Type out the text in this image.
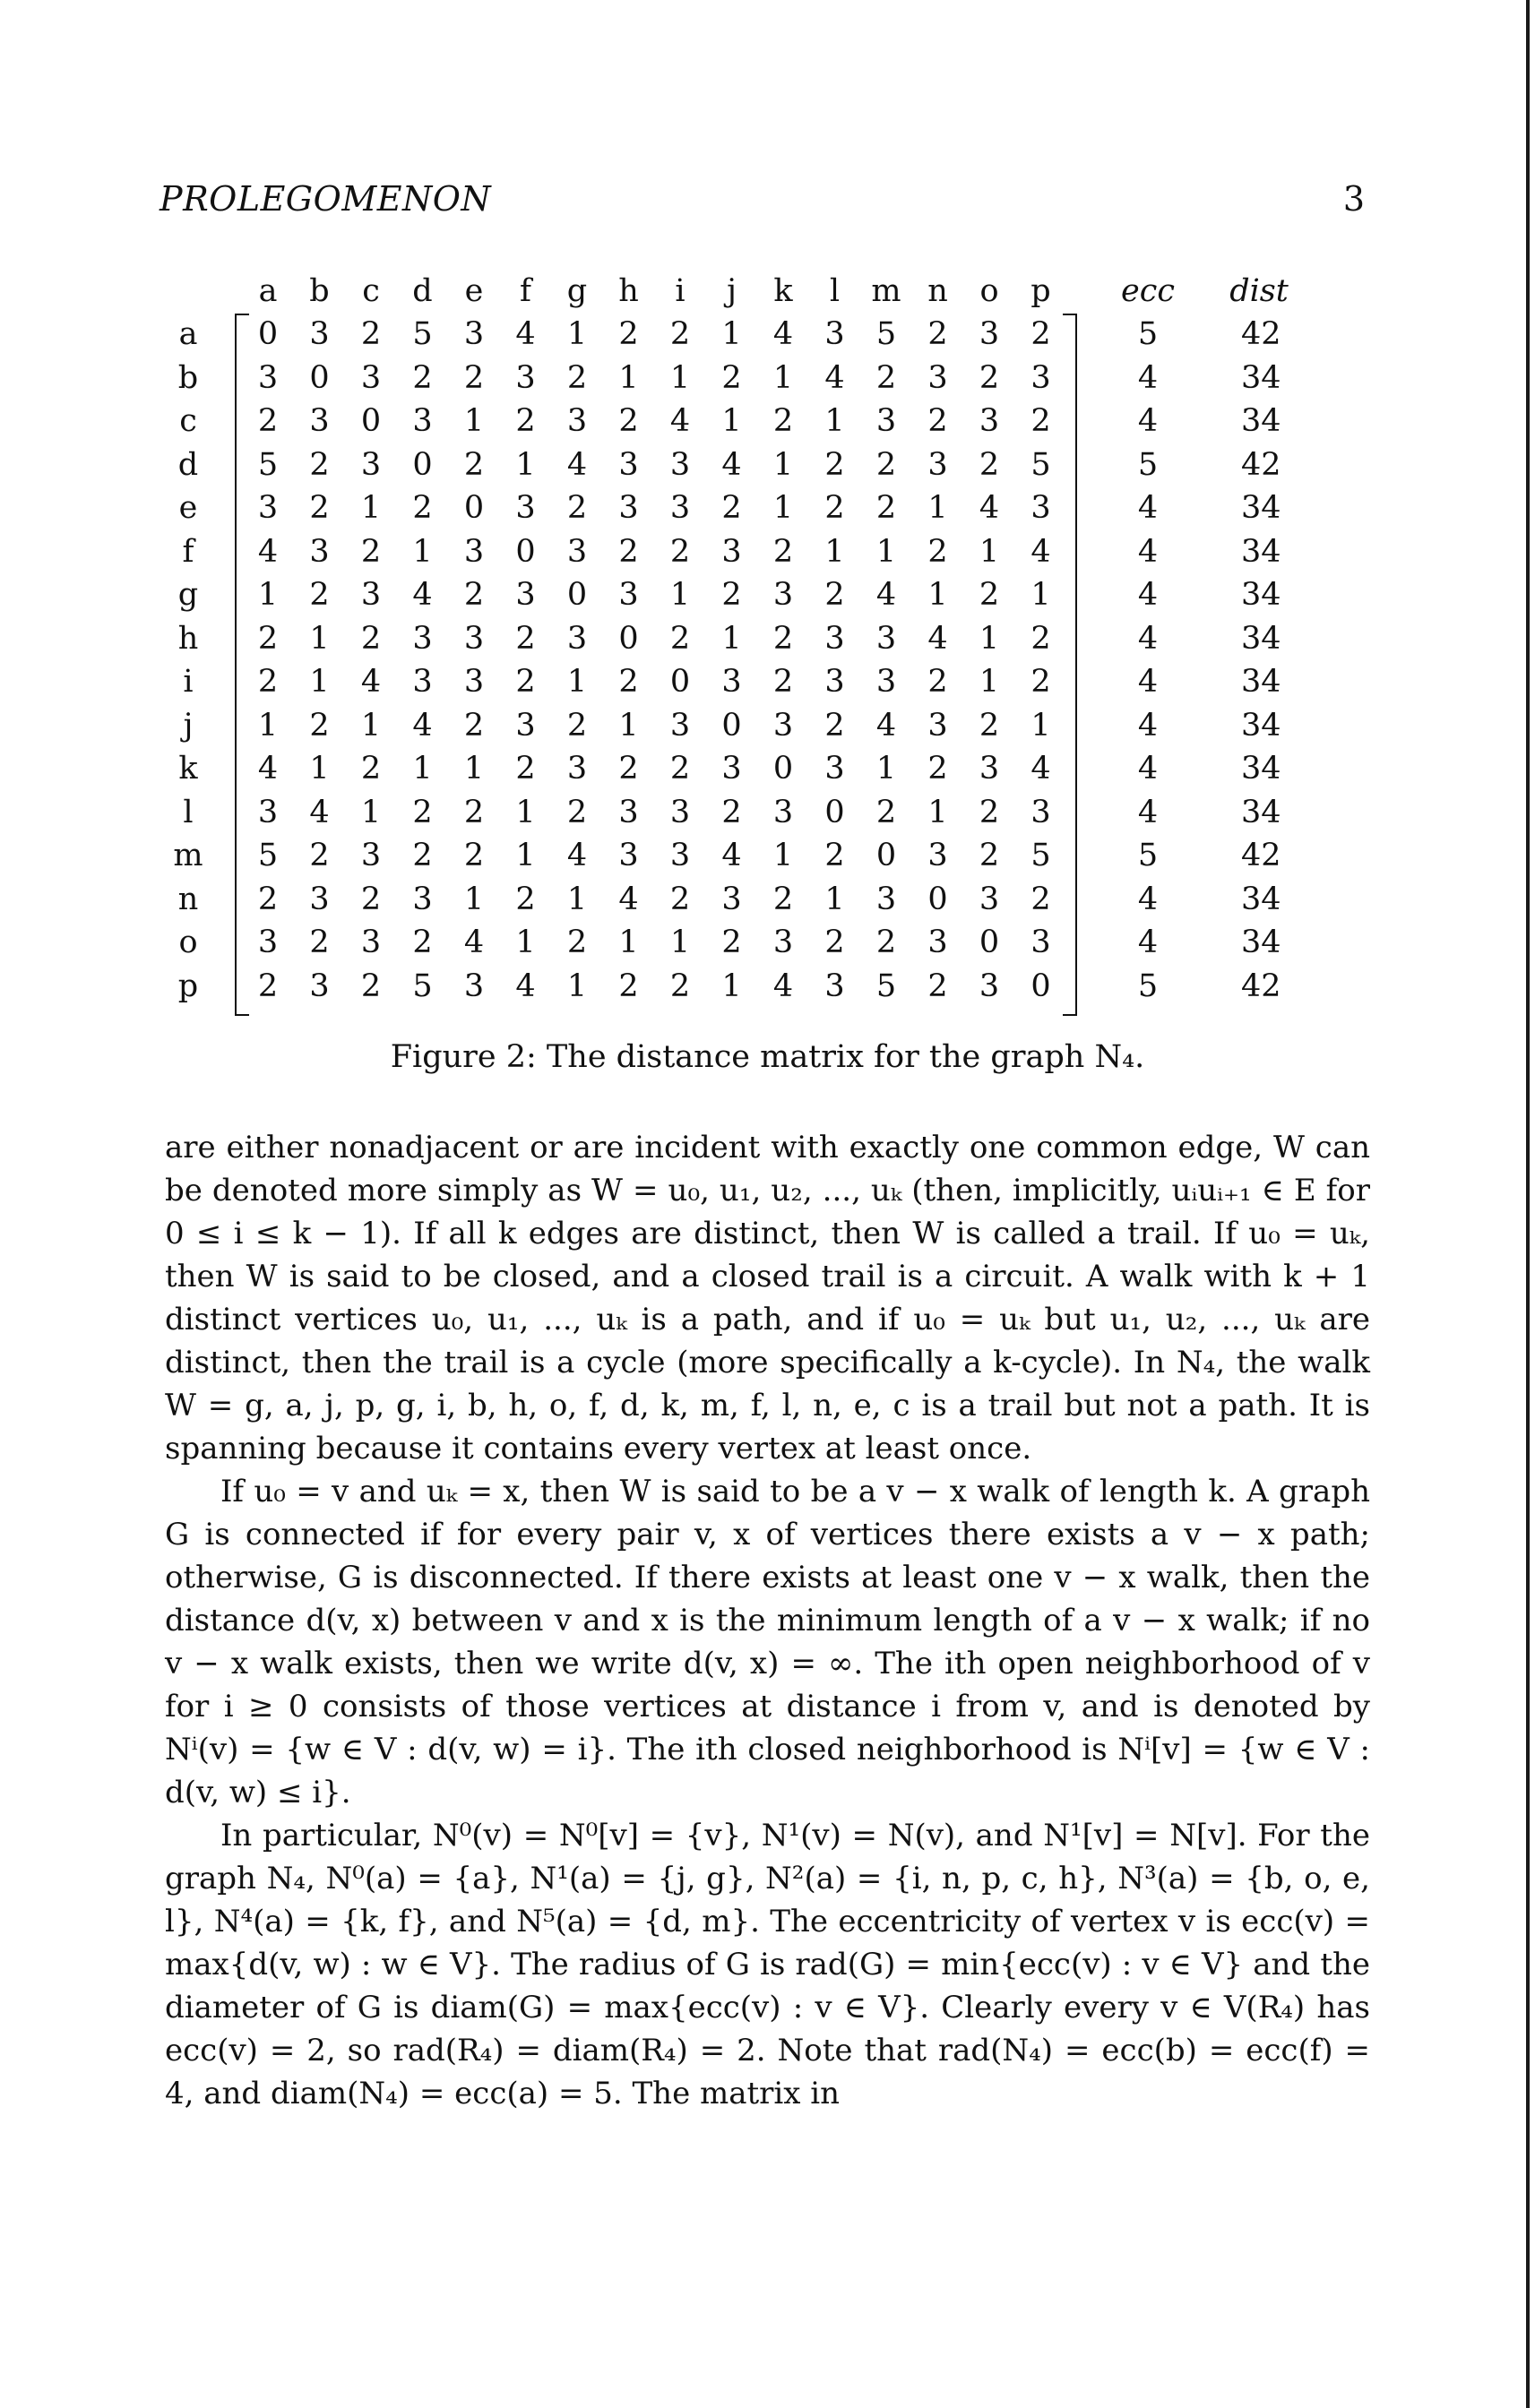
PROLEGOMENON	3
a b c d e	f	g h	i	j	k	l	m n o p	ecc	dist
a 0 3 2 5 3 4 1 2 2 1 4 3 5 2 3 2	5	42
b 3 0 3 2 2 3 2 1 1 2 1 4 2 3 2 3	4	34
c 2 3 0 3 1 2 3 2 4 1 2 1 3 2 3 2	4	34
d 5 2 3 0 2 1 4 3 3 4 1 2 2 3 2 5	5	42
e 3 2 1 2 0 3 2 3 3 2 1 2 2 1 4 3	4	34
f	4 3 2 1 3 0 3 2 2 3 2 1 1 2 1 4	4	34
g 1 2 3 4 2 3 0 3 1 2 3 2 4 1 2 1	4	34
h 2 1 2 3 3 2 3 0 2 1 2 3 3 4 1 2	4	34
i	2 1 4 3 3 2 1 2 0 3 2 3 3 2 1 2	4	34
j	1 2 1 4 2 3 2 1 3 0 3 2 4 3 2 1	4	34
k 4 1 2 1 1 2 3 2 2 3 0 3 1 2 3 4	4	34
l	3 4 1 2 2 1 2 3 3 2 3 0 2 1 2 3	4	34
m 5 2 3 2 2 1 4 3 3 4 1 2 0 3 2 5	5	42
n 2 3 2 3 1 2 1 4 2 3 2 1 3 0 3 2	4	34
o 3 2 3 2 4 1 2 1 1 2 3 2 2 3 0 3	4	34
p 2 3 2 5 3 4 1 2 2 1 4 3 5 2 3 0	5	42
Figure 2: The distance matrix for the graph N₄.

are either nonadjacent or are incident with exactly one common edge, W can be denoted more simply as W = u₀, u₁, u₂, ..., uₖ (then, implicitly, uᵢuᵢ₊₁ ∈ E for 0 ≤ i ≤ k − 1). If all k edges are distinct, then W is called a trail. If u₀ = uₖ, then W is said to be closed, and a closed trail is a circuit. A walk with k + 1 distinct vertices u₀, u₁, ..., uₖ is a path, and if u₀ = uₖ but u₁, u₂, ..., uₖ are distinct, then the trail is a cycle (more specifically a k-cycle). In N₄, the walk W = g, a, j, p, g, i, b, h, o, f, d, k, m, f, l, n, e, c is a trail but not a path. It is spanning because it contains every vertex at least once.

If u₀ = v and uₖ = x, then W is said to be a v − x walk of length k. A graph G is connected if for every pair v, x of vertices there exists a v − x path; otherwise, G is disconnected. If there exists at least one v − x walk, then the distance d(v, x) between v and x is the minimum length of a v − x walk; if no v − x walk exists, then we write d(v, x) = ∞. The ith open neighborhood of v for i ≥ 0 consists of those vertices at distance i from v, and is denoted by Nⁱ(v) = {w ∈ V : d(v, w) = i}. The ith closed neighborhood is Nⁱ[v] = {w ∈ V : d(v, w) ≤ i}.

In particular, N⁰(v) = N⁰[v] = {v}, N¹(v) = N(v), and N¹[v] = N[v]. For the graph N₄, N⁰(a) = {a}, N¹(a) = {j, g}, N²(a) = {i, n, p, c, h}, N³(a) = {b, o, e, l}, N⁴(a) = {k, f}, and N⁵(a) = {d, m}. The eccentricity of vertex v is ecc(v) = max{d(v, w) : w ∈ V}. The radius of G is rad(G) = min{ecc(v) : v ∈ V} and the diameter of G is diam(G) = max{ecc(v) : v ∈ V}. Clearly every v ∈ V(R₄) has ecc(v) = 2, so rad(R₄) = diam(R₄) = 2. Note that rad(N₄) = ecc(b) = ecc(f) = 4, and diam(N₄) = ecc(a) = 5. The matrix in
